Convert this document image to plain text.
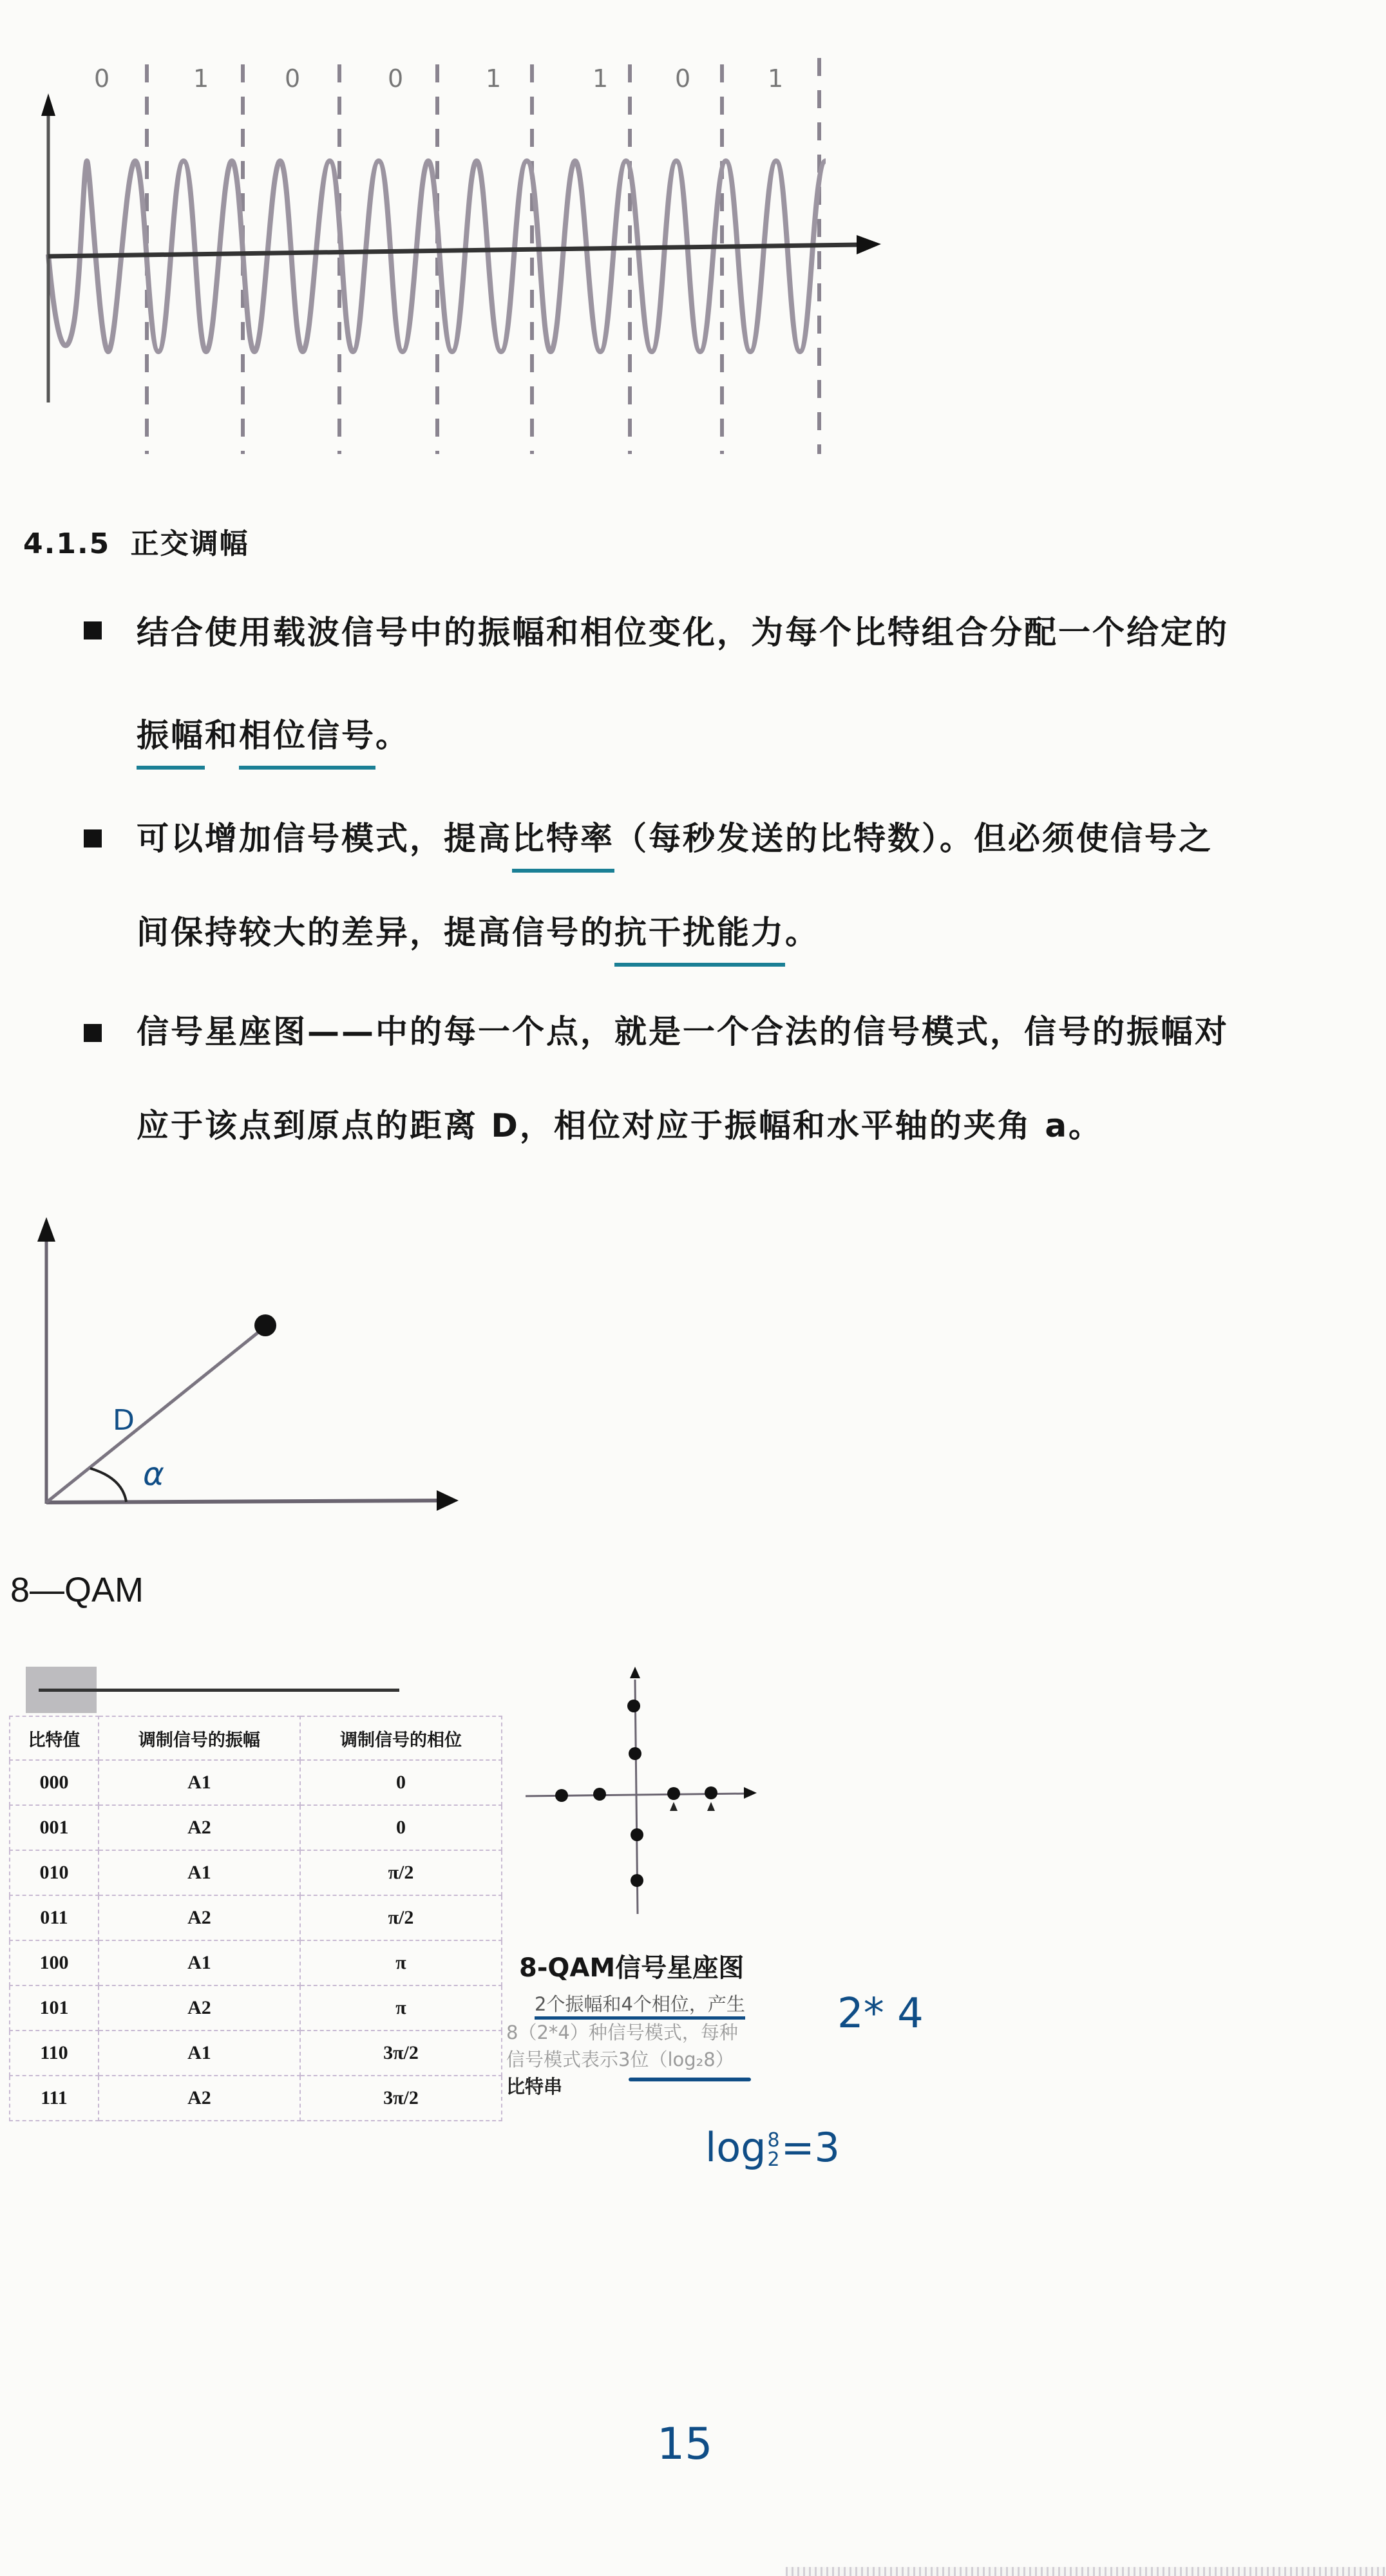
0	1	0	0	1	1	0	1
4.1.5 正交调幅
结合使用载波信号中的振幅和相位变化，为每个比特组合分配一个给定的
振幅和相位信号。
可以增加信号模式，提高比特率（每秒发送的比特数）。但必须使信号之
间保持较大的差异，提高信号的抗干扰能力。
信号星座图——中的每一个点，就是一个合法的信号模式，信号的振幅对
应于该点到原点的距离 D，相位对应于振幅和水平轴的夹角 a。
D
α
8—QAM
比特值	调制信号的振幅	调制信号的相位
000	A1	0
001	A2	0
010	A1	π/2
011	A2	π/2
100	A1	π
101	A2	π
110	A1	3π/2
111	A2	3π/2
8-QAM信号星座图
2个振幅和4个相位，产生
8（2*4）种信号模式，每种
信号模式表示3位（log₂8）
比特串
2* 4
log 8
2 =3
15
